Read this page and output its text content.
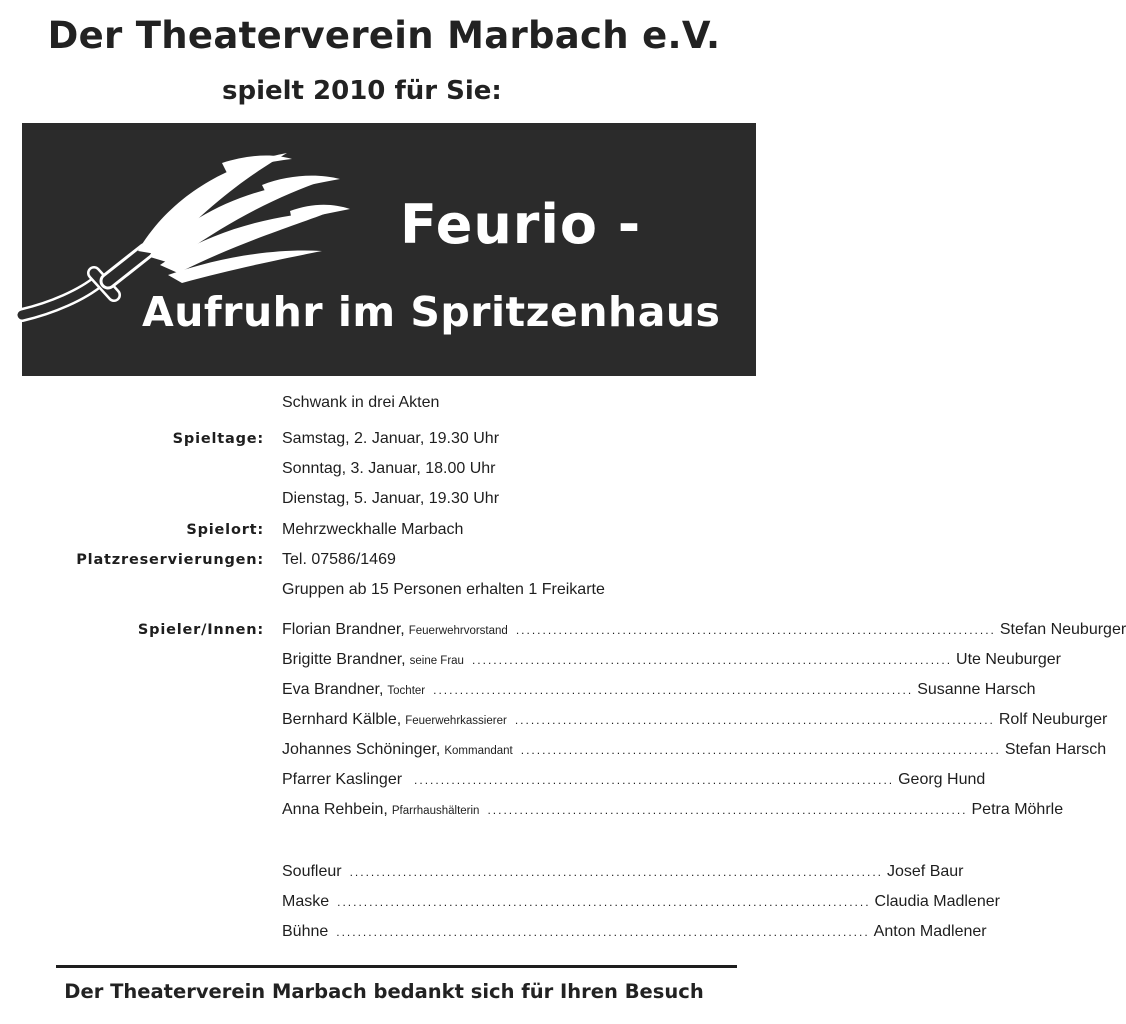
Der Theaterverein Marbach e.V.
spielt 2010 für Sie:
Feurio -
Aufruhr im Spritzenhaus
Schwank in drei Akten
Spieltage: Samstag, 2. Januar, 19.30 Uhr
Sonntag, 3. Januar, 18.00 Uhr
Dienstag, 5. Januar, 19.30 Uhr
Spielort: Mehrzweckhalle Marbach
Platzreservierungen: Tel. 07586/1469
Gruppen ab 15 Personen erhalten 1 Freikarte
Spieler/Innen: Florian Brandner, Feuerwehrvorstand .......................................................................................... Stefan Neuburger
Brigitte Brandner, seine Frau .......................................................................................... Ute Neuburger
Eva Brandner, Tochter .......................................................................................... Susanne Harsch
Bernhard Kälble, Feuerwehrkassierer .......................................................................................... Rolf Neuburger
Johannes Schöninger, Kommandant .......................................................................................... Stefan Harsch
Pfarrer Kaslinger .......................................................................................... Georg Hund
Anna Rehbein, Pfarrhaushälterin .......................................................................................... Petra Möhrle
Soufleur .................................................................................................... Josef Baur
Maske .................................................................................................... Claudia Madlener
Bühne .................................................................................................... Anton Madlener
Der Theaterverein Marbach bedankt sich für Ihren Besuch
